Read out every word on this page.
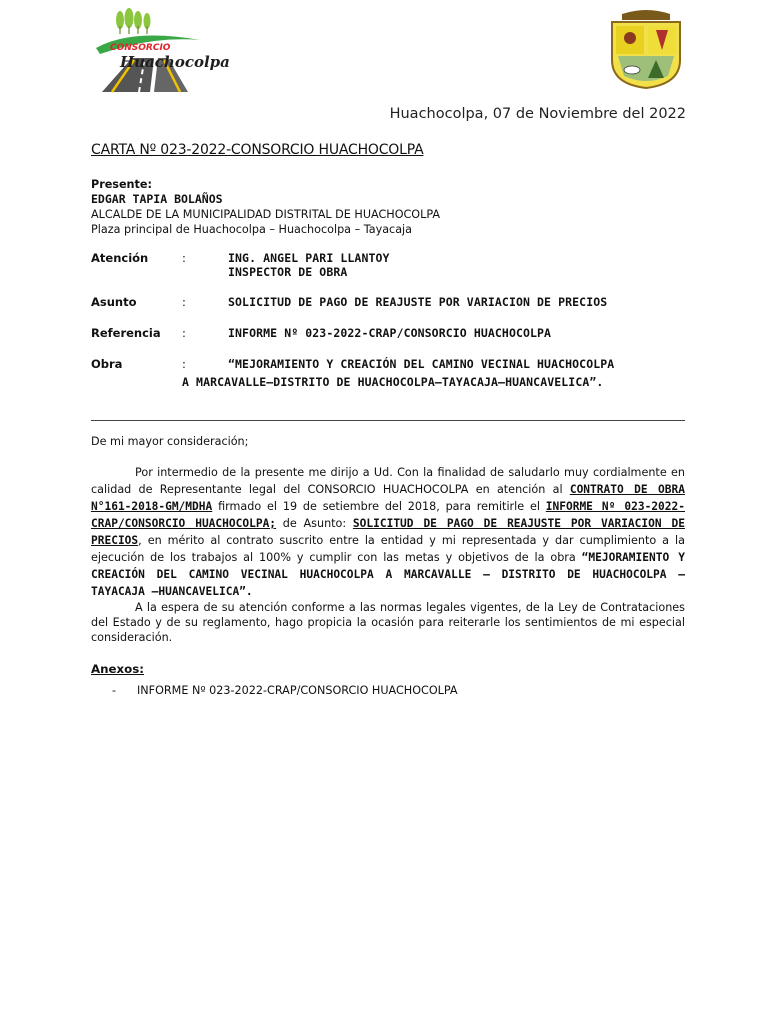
CONSORCIO
Huachocolpa
Huachocolpa, 07 de Noviembre del 2022
CARTA Nº 023-2022-CONSORCIO HUACHOCOLPA
Presente:
EDGAR TAPIA BOLAÑOS
ALCALDE DE LA MUNICIPALIDAD DISTRITAL DE HUACHOCOLPA
Plaza principal de Huachocolpa – Huachocolpa – Tayacaja
Atención	:	ING. ANGEL PARI LLANTOY
INSPECTOR DE OBRA
Asunto	:	SOLICITUD DE PAGO DE REAJUSTE POR VARIACION DE PRECIOS
Referencia :	INFORME Nº 023-2022-CRAP/CONSORCIO HUACHOCOLPA
Obra	:	“MEJORAMIENTO Y CREACIÓN DEL CAMINO VECINAL HUACHOCOLPA
A MARCAVALLE–DISTRITO DE HUACHOCOLPA–TAYACAJA–HUANCAVELICA”.
De mi mayor consideración;
Por intermedio de la presente me dirijo a Ud. Con la finalidad de saludarlo muy cordialmente en calidad de Representante legal del CONSORCIO HUACHOCOLPA en atención al CONTRATO DE OBRA N°161-2018-GM/MDHA firmado el 19 de setiembre del 2018, para remitirle el INFORME Nº 023-2022-CRAP/CONSORCIO HUACHOCOLPA; de Asunto: SOLICITUD DE PAGO DE REAJUSTE POR VARIACION DE PRECIOS, en mérito al contrato suscrito entre la entidad y mi representada y dar cumplimiento a la ejecución de los trabajos al 100% y cumplir con las metas y objetivos de la obra “MEJORAMIENTO Y CREACIÓN DEL CAMINO VECINAL HUACHOCOLPA A MARCAVALLE – DISTRITO DE HUACHOCOLPA – TAYACAJA –HUANCAVELICA”.
A la espera de su atención conforme a las normas legales vigentes, de la Ley de Contrataciones del Estado y de su reglamento, hago propicia la ocasión para reiterarle los sentimientos de mi especial consideración.
Anexos:
- INFORME Nº 023-2022-CRAP/CONSORCIO HUACHOCOLPA
